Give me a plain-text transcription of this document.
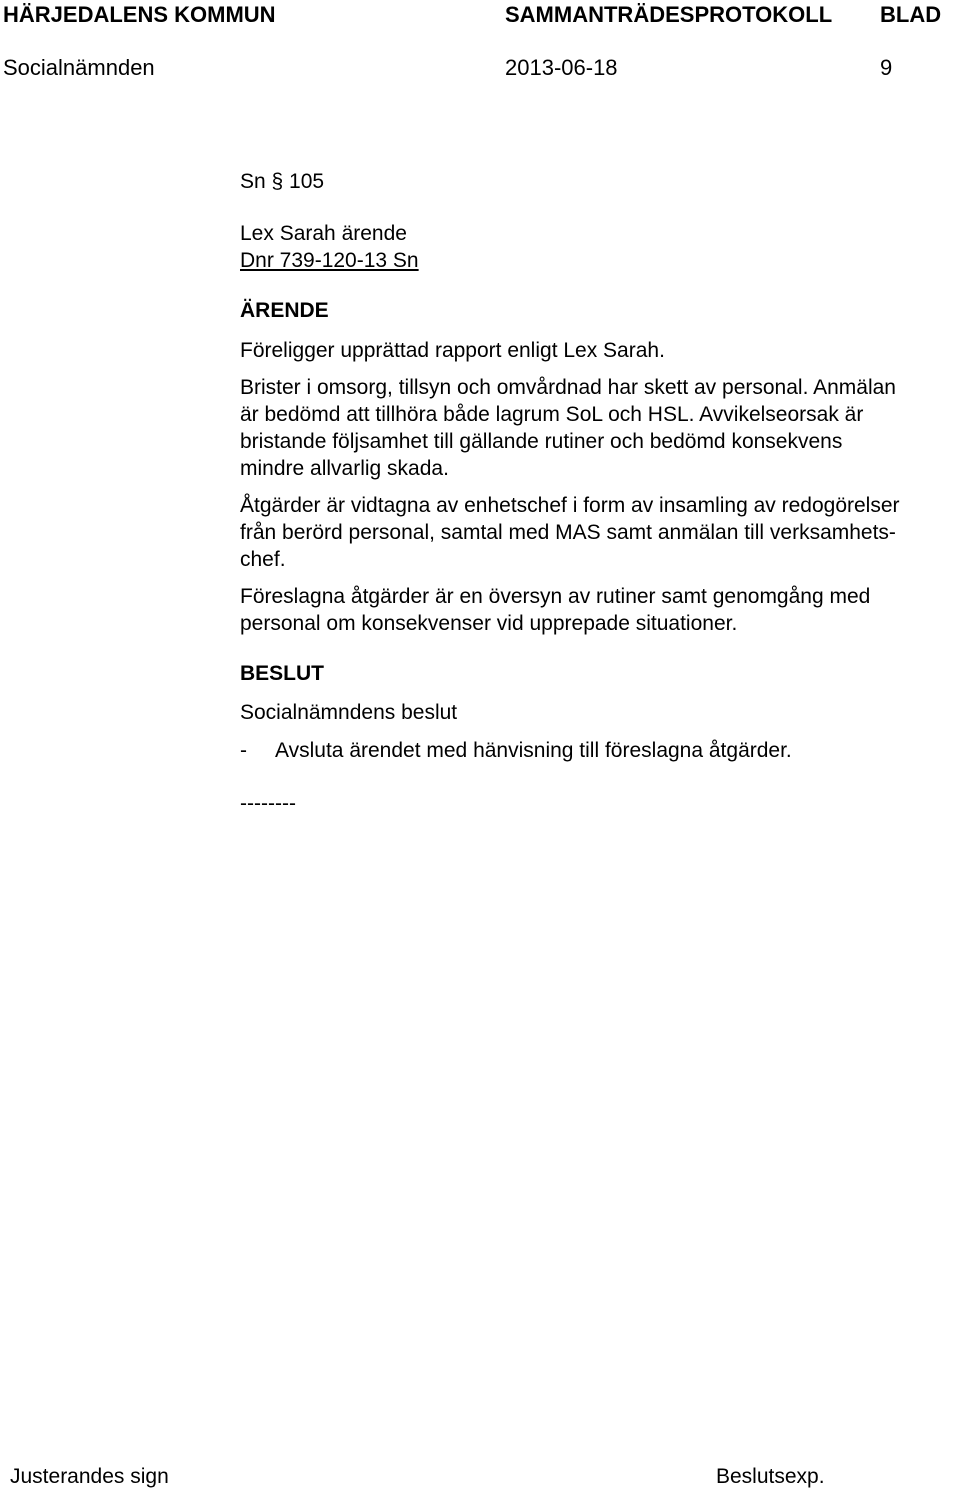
HÄRJEDALENS KOMMUN	SAMMANTRÄDESPROTOKOLL BLAD
Socialnämnden	2013-06-18	9
Sn § 105
Lex Sarah ärende
Dnr 739-120-13 Sn
ÄRENDE
Föreligger upprättad rapport enligt Lex Sarah.
Brister i omsorg, tillsyn och omvårdnad har skett av personal. Anmälan
är bedömd att tillhöra både lagrum SoL och HSL. Avvikelseorsak är
bristande följsamhet till gällande rutiner och bedömd konsekvens
mindre allvarlig skada.
Åtgärder är vidtagna av enhetschef i form av insamling av redogörelser
från berörd personal, samtal med MAS samt anmälan till verksamhets-
chef.
Föreslagna åtgärder är en översyn av rutiner samt genomgång med
personal om konsekvenser vid upprepade situationer.
BESLUT
Socialnämndens beslut
- Avsluta ärendet med hänvisning till föreslagna åtgärder.
--------
Justerandes sign	Beslutsexp.
